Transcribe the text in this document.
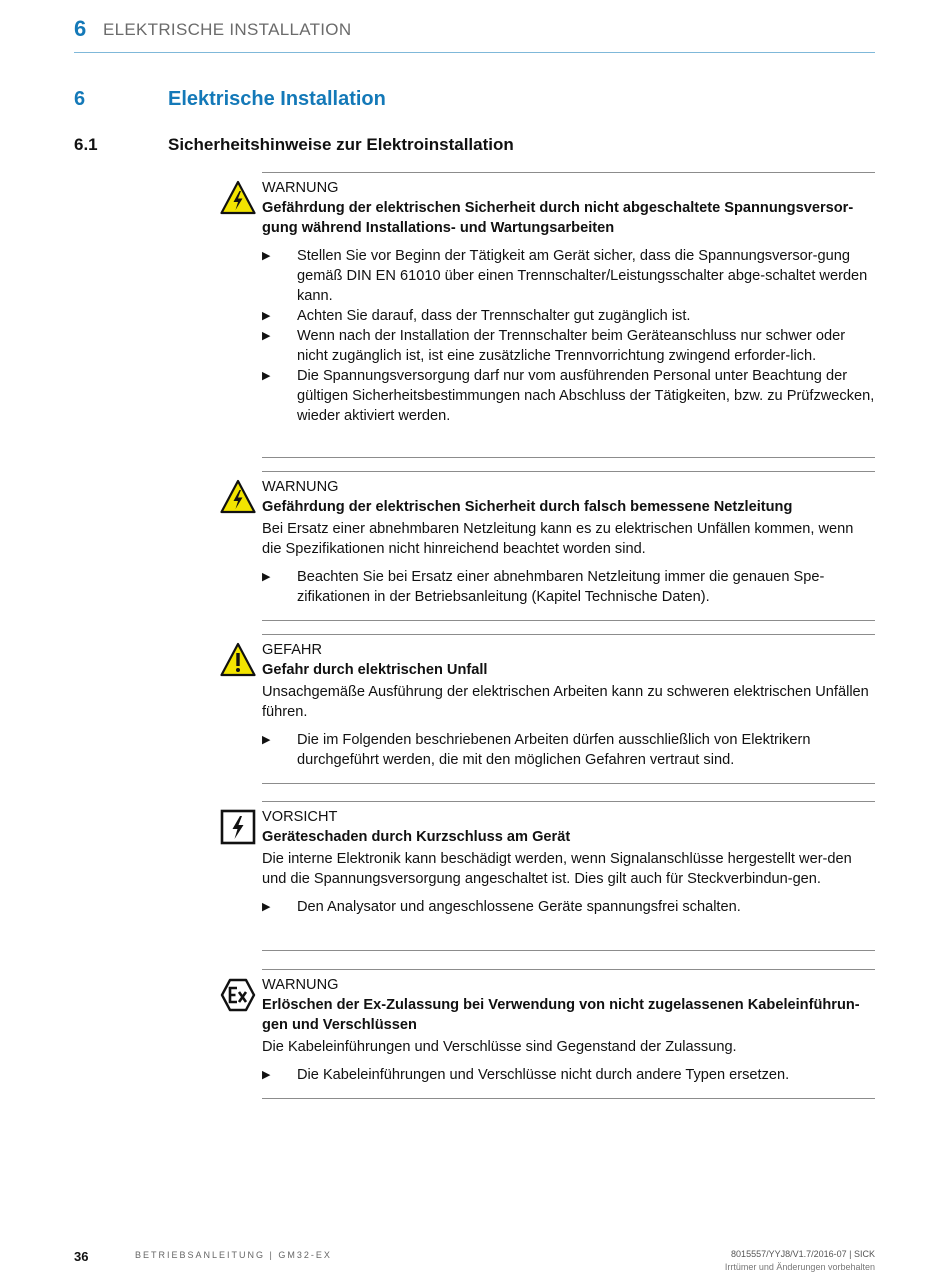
6 ELEKTRISCHE INSTALLATION
6	Elektrische Installation
6.1	Sicherheitshinweise zur Elektroinstallation
WARNUNG
Gefährdung der elektrischen Sicherheit durch nicht abgeschaltete Spannungsversor-gung während Installations- und Wartungsarbeiten
▶ Stellen Sie vor Beginn der Tätigkeit am Gerät sicher, dass die Spannungsversor-gung gemäß DIN EN 61010 über einen Trennschalter/Leistungsschalter abge-schaltet werden kann.
▶ Achten Sie darauf, dass der Trennschalter gut zugänglich ist.
▶ Wenn nach der Installation der Trennschalter beim Geräteanschluss nur schwer oder nicht zugänglich ist, ist eine zusätzliche Trennvorrichtung zwingend erforder-lich.
▶ Die Spannungsversorgung darf nur vom ausführenden Personal unter Beachtung der gültigen Sicherheitsbestimmungen nach Abschluss der Tätigkeiten, bzw. zu Prüfzwecken, wieder aktiviert werden.
WARNUNG
Gefährdung der elektrischen Sicherheit durch falsch bemessene Netzleitung

Bei Ersatz einer abnehmbaren Netzleitung kann es zu elektrischen Unfällen kommen, wenn die Spezifikationen nicht hinreichend beachtet worden sind.

▶ Beachten Sie bei Ersatz einer abnehmbaren Netzleitung immer die genauen Spe-zifikationen in der Betriebsanleitung (Kapitel Technische Daten).
GEFAHR
Gefahr durch elektrischen Unfall

Unsachgemäße Ausführung der elektrischen Arbeiten kann zu schweren elektrischen Unfällen führen.

▶ Die im Folgenden beschriebenen Arbeiten dürfen ausschließlich von Elektrikern durchgeführt werden, die mit den möglichen Gefahren vertraut sind.
VORSICHT
Geräteschaden durch Kurzschluss am Gerät

Die interne Elektronik kann beschädigt werden, wenn Signalanschlüsse hergestellt wer-den und die Spannungsversorgung angeschaltet ist. Dies gilt auch für Steckverbindun-gen.

▶ Den Analysator und angeschlossene Geräte spannungsfrei schalten.
WARNUNG
Erlöschen der Ex-Zulassung bei Verwendung von nicht zugelassenen Kabeleinführun-gen und Verschlüssen

Die Kabeleinführungen und Verschlüsse sind Gegenstand der Zulassung.

▶ Die Kabeleinführungen und Verschlüsse nicht durch andere Typen ersetzen.
36	BETRIEBSANLEITUNG | GM32-EX	8015557/YYJ8/V1.7/2016-07 | SICK
Irrtümer und Änderungen vorbehalten
